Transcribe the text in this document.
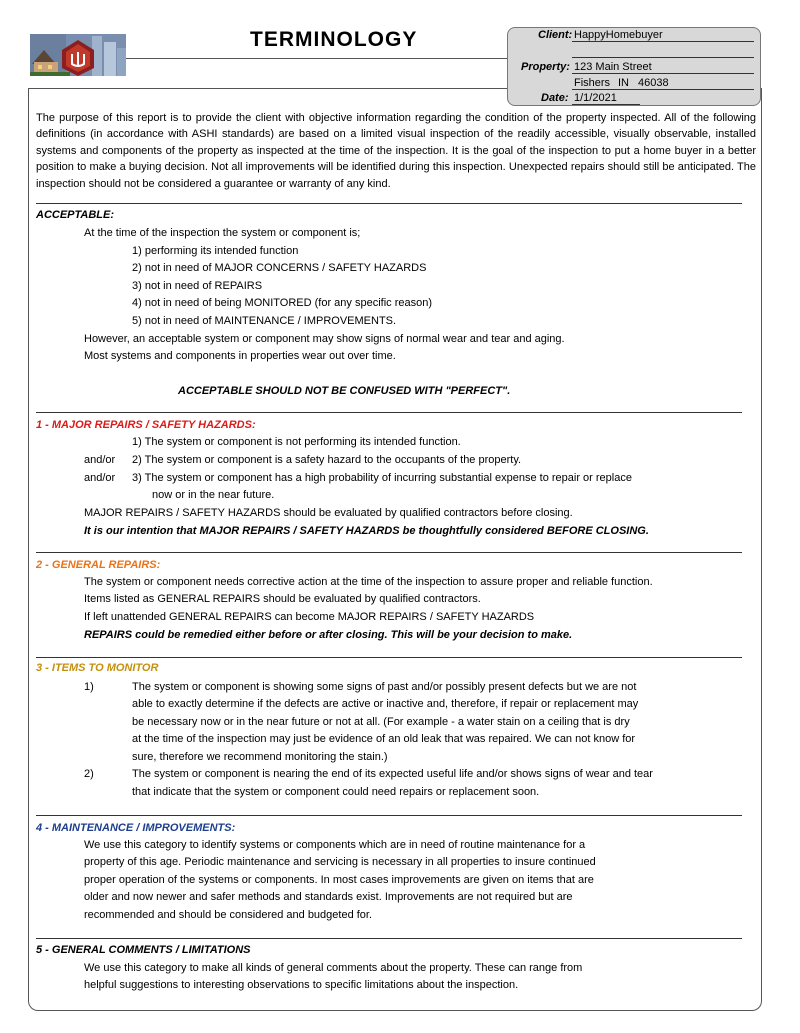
TERMINOLOGY	Client: HappyHomebuyer
Property: 123 Main Street
Fishers IN 46038
Date: 1/1/2021
The purpose of this report is to provide the client with objective information regarding the condition of the property inspected. All of the following definitions (in accordance with ASHI standards) are based on a limited visual inspection of the readily accessible, visually observable, installed systems and components of the property as inspected at the time of the inspection. It is the goal of the inspection to put a home buyer in a better position to make a buying decision. Not all improvements will be identified during this inspection. Unexpected repairs should still be anticipated. The inspection should not be considered a guarantee or warranty of any kind.
ACCEPTABLE:
At the time of the inspection the system or component is;
1) performing its intended function
2) not in need of MAJOR CONCERNS / SAFETY HAZARDS
3) not in need of REPAIRS
4) not in need of being MONITORED (for any specific reason)
5) not in need of MAINTENANCE / IMPROVEMENTS.
However, an acceptable system or component may show signs of normal wear and tear and aging.
Most systems and components in properties wear out over time.
ACCEPTABLE SHOULD NOT BE CONFUSED WITH "PERFECT".
1 - MAJOR REPAIRS / SAFETY HAZARDS:
1) The system or component is not performing its intended function.
and/or 2) The system or component is a safety hazard to the occupants of the property.
and/or 3) The system or component has a high probability of incurring substantial expense to repair or replace
now or in the near future.
MAJOR REPAIRS / SAFETY HAZARDS should be evaluated by qualified contractors before closing.
It is our intention that MAJOR REPAIRS / SAFETY HAZARDS be thoughtfully considered BEFORE CLOSING.
2 - GENERAL REPAIRS:
The system or component needs corrective action at the time of the inspection to assure proper and reliable function.
Items listed as GENERAL REPAIRS should be evaluated by qualified contractors.
If left unattended GENERAL REPAIRS can become MAJOR REPAIRS / SAFETY HAZARDS
REPAIRS could be remedied either before or after closing. This will be your decision to make.
3 - ITEMS TO MONITOR
1)	The system or component is showing some signs of past and/or possibly present defects but we are not
able to exactly determine if the defects are active or inactive and, therefore, if repair or replacement may
be necessary now or in the near future or not at all. (For example - a water stain on a ceiling that is dry
at the time of the inspection may just be evidence of an old leak that was repaired. We can not know for
sure, therefore we recommend monitoring the stain.)
2)	The system or component is nearing the end of its expected useful life and/or shows signs of wear and tear
that indicate that the system or component could need repairs or replacement soon.
4 - MAINTENANCE / IMPROVEMENTS:
We use this category to identify systems or components which are in need of routine maintenance for a
property of this age. Periodic maintenance and servicing is necessary in all properties to insure continued
proper operation of the systems or components. In most cases improvements are given on items that are
older and now newer and safer methods and standards exist. Improvements are not required but are
recommended and should be considered and budgeted for.
5 - GENERAL COMMENTS / LIMITATIONS
We use this category to make all kinds of general comments about the property. These can range from
helpful suggestions to interesting observations to specific limitations about the inspection.
